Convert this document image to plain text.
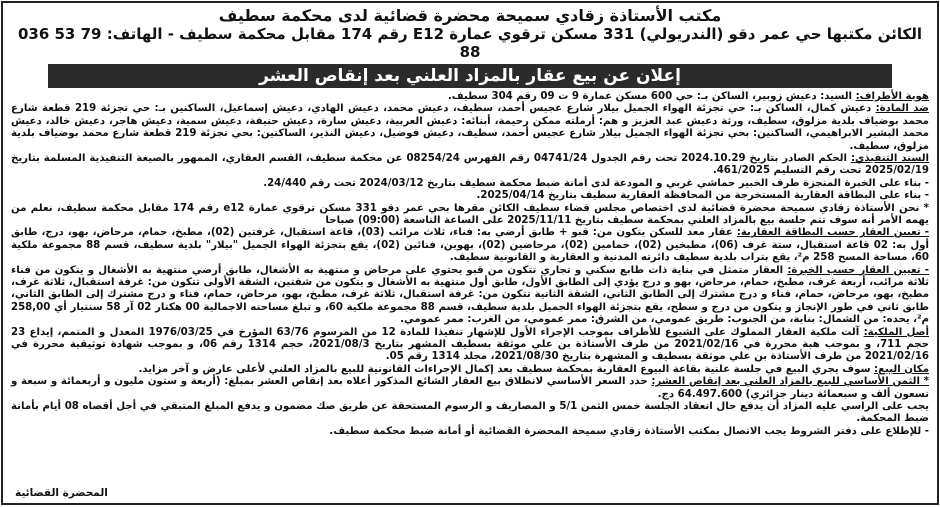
مكتب الأستاذة زقادي سميحة محضرة قضائية لدى محكمة سطيف
الكائن مكتبها حي عمر دقو (الندريولي) 331 مسكن ترقوي عمارة E12 رقم 174 مقابل محكمة سطيف - الهاتف: 036 53 79 88
إعلان عن بيع عقار بالمزاد العلني بعد إنقاص العشر

هوية الأطراف: السيد: دعيش زوبير، الساكن بـ: حي 600 مسكن عمارة 9 ت 09 رقم 304 سطيف.

ضد المادة: دعيش كمال، الساكن بـ: حي تجزئة الهواء الجميل بيلار شارع عجيس أحمد، سطيف، دعيش محمد، دعيش الهادي، دعيش إسماعيل، الساكنين بـ: حي تجزئة 219 قطعة شارع محمد بوضياف بلدية مزلوق، سطيف، ورثة دعيش عبد العزيز و هم: أرملته ممكن رحيمة، أبنائه: دعيش العربية، دعيش سارة، دعيش حنيفة، دعيش سمية، دعيش هاجر، دعيش خالد، دعيش محمد البشير الابراهيمي، الساكنين: بحي تجزئة الهواء الجميل بيلار شارع عجيس أحمد، سطيف، دعيش فوضيل، دعيش النذير، الساكنين: بحي تجزئة 219 قطعة شارع محمد بوضياف بلدية مزلوق، سطيف.

السند التنفيذي: الحكم الصادر بتاريخ 2024.10.29 تحت رقم الجدول 04741/24 رقم الفهرس 08254/24 عن محكمة سطيف، القسم العقاري، الممهور بالصيغة التنفيذية المسلمة بتاريخ 2025/02/19 تحت رقم التسليم 461/2025.

- بناء على الخبرة المنجزة طرف الخبير حماشي غربي و المودعة لدى أمانة ضبط محكمة سطيف بتاريخ 2024/03/12 تحت رقم 24/440.

- بناء على البطاقة العقارية المستخرجة من المحافظة العقارية سطيف بتاريخ 2025/04/14.

* نحن الأستاذة زقادي سميحة محضرة قضائية لدى اختصاص مجلس قضاء سطيف الكائن مقرها بحي عمر دقو 331 مسكن ترقوي عمارة e12 رقم 174 مقابل محكمة سطيف، نعلم من يهمه الأمر أنه سوف تتم جلسة بيع بالمزاد العلني بمحكمة سطيف بتاريخ 2025/11/11 على الساعة التاسعة (09:00) صباحا

- تعيين العقار حسب البطاقة العقارية: عقار معد للسكن يتكون من: قبو + طابق أرضي به: فناء، ثلاث مرائب (03)، قاعة استقبال، غرفتين (02)، مطبخ، حمام، مرحاض، بهو، درج، طابق أول به: 02 قاعة استقبال، ستة غرف (06)، مطبخين (02)، حمامين (02)، مرحاضين (02)، بهوين، فنائين (02)، يقع بتجزئة الهواء الجميل "بيلار" بلدية سطيف، قسم 88 مجموعة ملكية 60، مساحة المسح 258 م²، يقع بتراب بلدية سطيف دائرته المدنية و العقارية و القانونية سطيف.

- تعيين العقار حسب الخبرة: العقار متمثل في بناية ذات طابع سكني و تجاري تتكون من قبو يحتوي على مرحاض و منتهية به الأشغال، طابق أرضي منتهية به الأشغال و يتكون من فناء ثلاثة مرائب، أربعة غرف، مطبخ، حمام، مرحاض، بهو و درج يؤدي إلى الطابق الأول، طابق أول منتهية به الأشغال و يتكون من شقتين، الشقة الأولى تتكون من: غرفة استقبال، ثلاثة غرف، مطبخ، بهو، مرحاض، حمام، فناء و درج مشترك إلى الطابق الثاني، الشقة الثانية تتكون من: غرفة استقبال، ثلاثة غرف، مطبخ، بهو، مرحاض، حمام، فناء و درج مشترك إلى الطابق الثاني، طابق ثاني في طور الإنجاز و يتكون من درج و سطح، يقع بتجزئة الهواء الجميل بلدية سطيف، قسم 88 مجموعة ملكية 60، و تبلغ مساحته الاجمالية 00 هكتار 02 آر 58 سنتيار أي 258,00 م²، يحده: من الشمال: بناية، من الجنوب: طريق عمومي، من الشرق: ممر عمومي، من الغرب: ممر عمومي.

أصل الملكية: آلت ملكية العقار المملوك على الشيوع للأطراف بموجب الإجراء الأول للإشهار تنفيذا للمادة 12 من المرسوم 63/76 المؤرخ في 1976/03/25 المعدل و المتمم، إيداع 23 حجم 711، و بموجب هبة محررة في 2021/02/16 من طرف الأستاذة بن علي موثقة بسطيف المشهر بتاريخ 2021/08/3، حجم 1314 رقم 06، و بموجب شهادة توثيقية محررة في 2021/02/16 من طرف الأستاذة بن علي موثقة بسطيف و المشهرة بتاريخ 2021/08/30، مجلد 1314 رقم 05.

مكان البيع: سوف يجري البيع في جلسة علنية بقاعة البيوع العقارية بمحكمة سطيف بعد إكمال الإجراءات القانونية للبيع بالمزاد العلني لأعلى عارض و آخر مزايد.

* الثمن الأساسي للبيع بالمزاد العلني بعد إنقاص العشر: حدد السعر الأساسي لانطلاق بيع العقار الشائع المذكور أعلاه بعد إنقاص العشر بمبلغ: (أربعة و ستون مليون و أربعمائة و سبعة و تسعون ألف و سبعمائة دينار جزائري) 64.497.600 دج.

يجب على الراسي عليه المزاد أن يدفع حال انعقاد الجلسة خمس الثمن 5/1 و المصاريف و الرسوم المستحقة عن طريق صك مضمون و يدفع المبلغ المتبقي في أجل أقصاه 08 أيام بأمانة ضبط المحكمة.

- للإطلاع على دفتر الشروط يجب الاتصال بمكتب الأستاذة زقادي سميحة المحضرة القضائية أو أمانة ضبط محكمة سطيف.

المحضرة القضائية
